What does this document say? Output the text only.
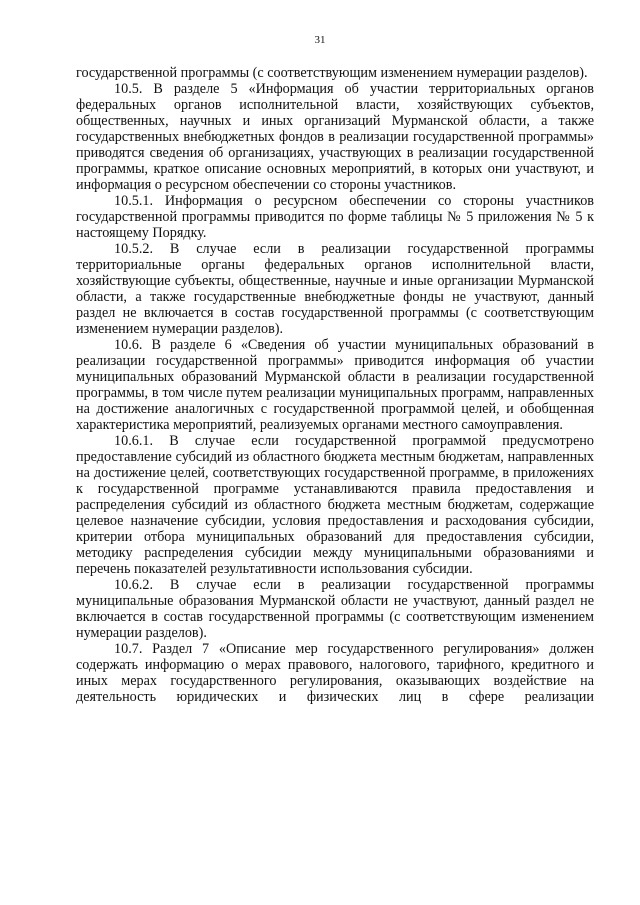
31

государственной программы (с соответствующим изменением нумерации разделов).

10.5. В разделе 5 «Информация об участии территориальных органов федеральных органов исполнительной власти, хозяйствующих субъектов, общественных, научных и иных организаций Мурманской области, а также государственных внебюджетных фондов в реализации государственной программы» приводятся сведения об организациях, участвующих в реализации государственной программы, краткое описание основных мероприятий, в которых они участвуют, и информация о ресурсном обеспечении со стороны участников.

10.5.1. Информация о ресурсном обеспечении со стороны участников государственной программы приводится по форме таблицы № 5 приложения № 5 к настоящему Порядку.

10.5.2. В случае если в реализации государственной программы территориальные органы федеральных органов исполнительной власти, хозяйствующие субъекты, общественные, научные и иные организации Мурманской области, а также государственные внебюджетные фонды не участвуют, данный раздел не включается в состав государственной программы (с соответствующим изменением нумерации разделов).

10.6. В разделе 6 «Сведения об участии муниципальных образований в реализации государственной программы» приводится информация об участии муниципальных образований Мурманской области в реализации государственной программы, в том числе путем реализации муниципальных программ, направленных на достижение аналогичных с государственной программой целей, и обобщенная характеристика мероприятий, реализуемых органами местного самоуправления.

10.6.1. В случае если государственной программой предусмотрено предоставление субсидий из областного бюджета местным бюджетам, направленных на достижение целей, соответствующих государственной программе, в приложениях к государственной программе устанавливаются правила предоставления и распределения субсидий из областного бюджета местным бюджетам, содержащие целевое назначение субсидии, условия предоставления и расходования субсидии, критерии отбора муниципальных образований для предоставления субсидии, методику распределения субсидии между муниципальными образованиями и перечень показателей результативности использования субсидии.

10.6.2. В случае если в реализации государственной программы муниципальные образования Мурманской области не участвуют, данный раздел не включается в состав государственной программы (с соответствующим изменением нумерации разделов).

10.7. Раздел 7 «Описание мер государственного регулирования» должен содержать информацию о мерах правового, налогового, тарифного, кредитного и иных мерах государственного регулирования, оказывающих воздействие на деятельность юридических и физических лиц в сфере реализации
